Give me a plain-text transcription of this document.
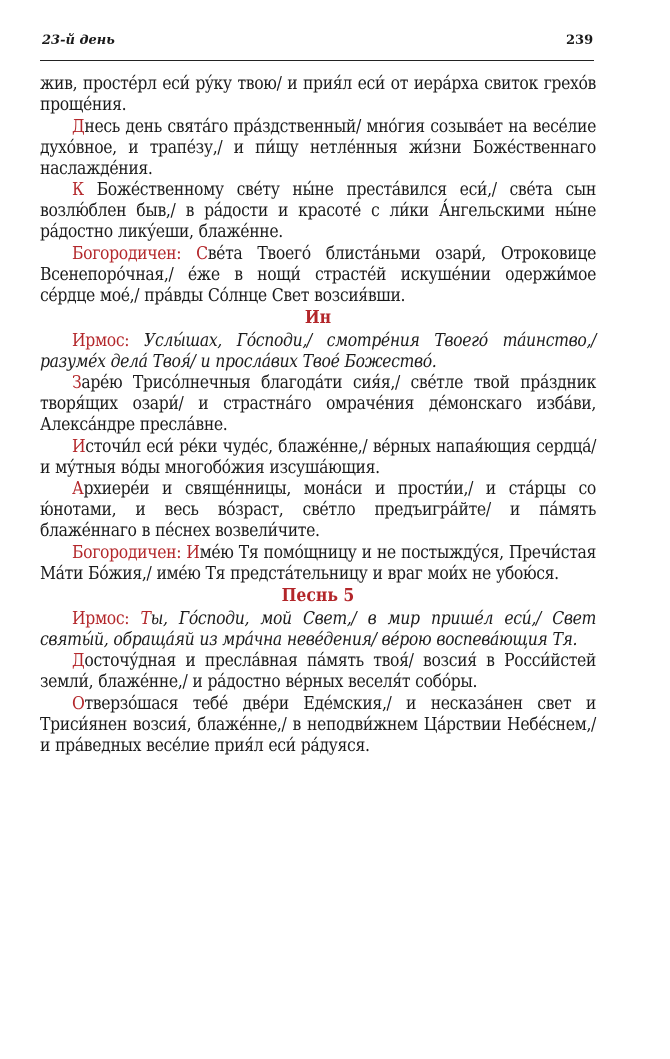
23-й день	239

жив, простéрл еси́ рýку твою/ и прия́л еси́ от иерáрха свиток грехо́в прощéния.

Днесь день святáго прáздственный/ мно́гия созывáет на весéлие духо́вное, и трапéзу,/ и пи́щу нетлéнныя жи́зни Божéственнаго наслаждéния.

К Божéственному свéту ны́не престáвился еси́,/ свéта сын возлю́блен быв,/ в рáдости и красотé с ли́ки А́нгельскими ны́не рáдостно лику́еши, блажéнне.

Богородичен: Свéта Твоегó блистáньми озари́, Отроковице Всенепоро́чная,/ éже в нощи́ страстéй искушéнии одержи́мое сéрдце моé,/ прáвды Со́лнце Свет возсия́вши.

Ин

Ирмос: Услы́шах, Го́споди,/ смотрéния Твоегó тáинство,/ разумéх делá Твоя́/ и прослáвих Твоé Божество́.

Зарéю Трисо́лнечныя благодáти сия́я,/ свéтле твой прáздник творя́щих озари́/ и страстнáго омрачéния дéмонскаго избáви, Алексáндре преслáвне.

Источи́л еси́ рéки чудéс, блажéнне,/ вéрных напая́ющия сердцá/ и му́тныя во́ды многобо́жия изсушáющия.

Архиерéи и свящéнницы, монáси и прости́и,/ и стáрцы со ю́нотами, и весь во́зраст, свéтло предъигрáйте/ и пáмять блажéннаго в пéснех возвели́чите.

Богородичен: Имéю Тя помо́щницу и не постыжду́ся, Пречи́стая Мáти Бо́жия,/ имéю Тя предстáтельницу и враг мои́х не убою́ся.

Песнь 5

Ирмос: Ты, Го́споди, мой Свет,/ в мир пришéл еси́,/ Свет святы́й, обращáяй из мрáчна невéдения/ вéрою воспевáющия Тя.

Досточу́дная и преслáвная пáмять твоя́/ возсия́ в Росси́йстей земли́, блажéнне,/ и рáдостно вéрных веселя́т собо́ры.

Отверзо́шася тебé двéри Едéмския,/ и несказáнен свет и Триси́янен возсия́, блажéнне,/ в неподви́жнем Цáрствии Небéснем,/ и прáведных весéлие прия́л еси́ рáдуяся.
